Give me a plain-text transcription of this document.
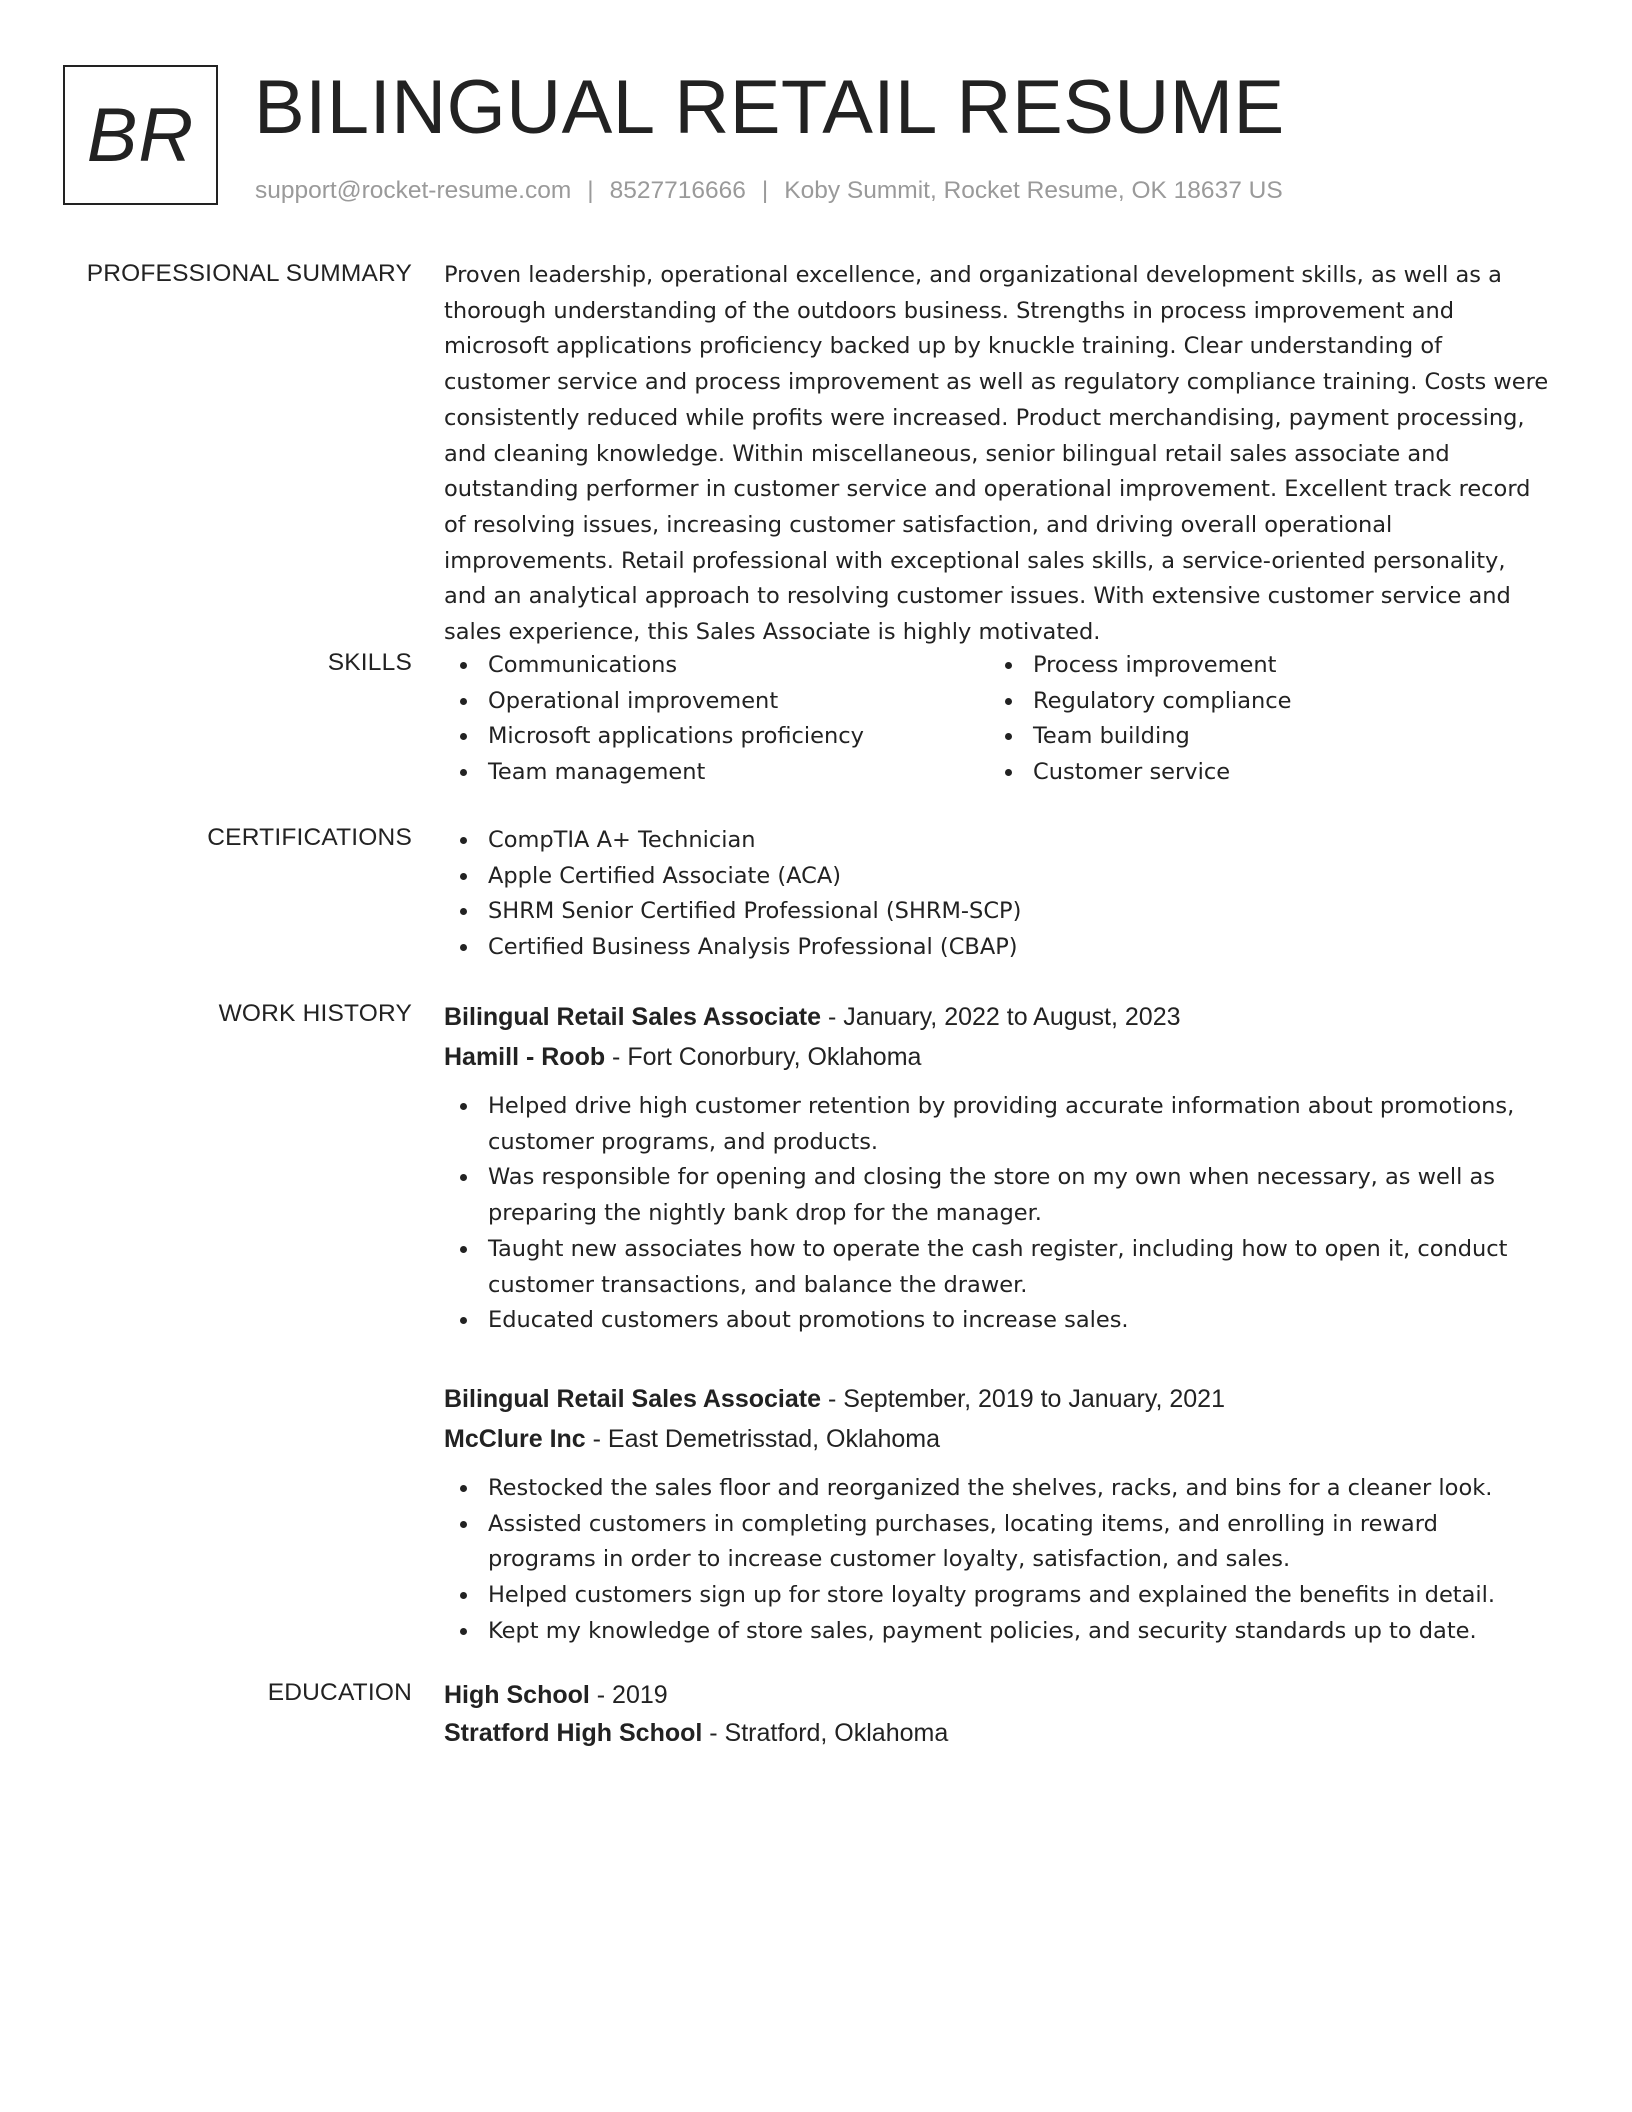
BR BILINGUAL RETAIL RESUME
support@rocket-resume.com | 8527716666 | Koby Summit, Rocket Resume, OK 18637 US
PROFESSIONAL SUMMARY Proven leadership, operational excellence, and organizational development skills, as well as a thorough understanding of the outdoors business. Strengths in process improvement and microsoft applications proficiency backed up by knuckle training. Clear understanding of customer service and process improvement as well as regulatory compliance training. Costs were consistently reduced while profits were increased. Product merchandising, payment processing, and cleaning knowledge. Within miscellaneous, senior bilingual retail sales associate and outstanding performer in customer service and operational improvement. Excellent track record of resolving issues, increasing customer satisfaction, and driving overall operational improvements. Retail professional with exceptional sales skills, a service-oriented personality, and an analytical approach to resolving customer issues. With extensive customer service and sales experience, this Sales Associate is highly motivated.

SKILLS	Communications
Operational improvement
Microsoft applications proficiency
Team management
Process improvement
Regulatory compliance
Team building
Customer service
CERTIFICATIONS	CompTIA A+ Technician
Apple Certified Associate (ACA)
SHRM Senior Certified Professional (SHRM-SCP)
Certified Business Analysis Professional (CBAP)
WORK HISTORY Bilingual Retail Sales Associate - January, 2022 to August, 2023
Hamill - Roob - Fort Conorbury, Oklahoma
Helped drive high customer retention by providing accurate information about promotions, customer programs, and products.
Was responsible for opening and closing the store on my own when necessary, as well as preparing the nightly bank drop for the manager.
Taught new associates how to operate the cash register, including how to open it, conduct customer transactions, and balance the drawer.
Educated customers about promotions to increase sales.
Bilingual Retail Sales Associate - September, 2019 to January, 2021
McClure Inc - East Demetrisstad, Oklahoma
Restocked the sales floor and reorganized the shelves, racks, and bins for a cleaner look.
Assisted customers in completing purchases, locating items, and enrolling in reward programs in order to increase customer loyalty, satisfaction, and sales.
Helped customers sign up for store loyalty programs and explained the benefits in detail.
Kept my knowledge of store sales, payment policies, and security standards up to date.
EDUCATION High School - 2019
Stratford High School - Stratford, Oklahoma
